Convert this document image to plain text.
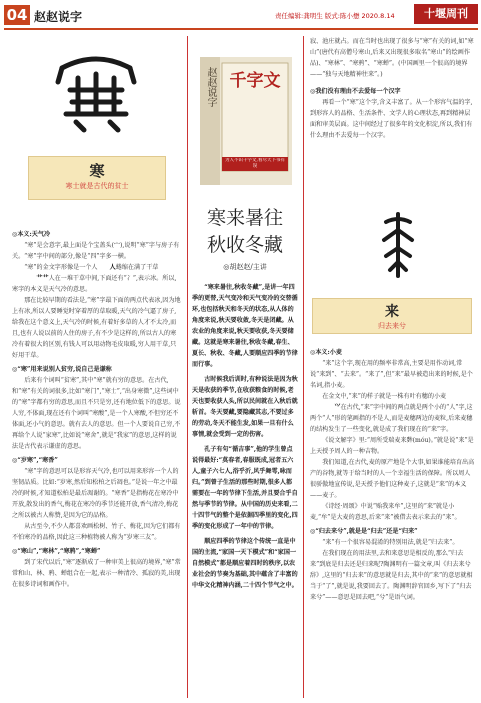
04 赵赵说字	责任编辑:龚明生 版式:陈小懋 2020.8.14	十堰周刊
寒
寒士就是古代的贫士

◎本义:天气冷

“寒”是会意字,最上面是个宝盖头(宀),说明“寒”字与房子有关。“寒”字中间的部分,像是“四”字多一横。

“寒”的金文字形像是一个人人蜷缩在满了干草

艹艹人在一堆干草中间,下面还有“冫”,表示冰。所以,寒字的本义是天气冷的意思。

那在比较早期的看法是,“寒”字最下面的两点代表冰,因为地上有冰,所以人要睡觉时穿着厚的草取暖,天气的冷气逼了房子,给我在这个意义上,天气冷的时候,有着好多草的人才不太冷,而且,也有人说以前的人住的房子,有不少是这样的,所以古人的寒冷有着很大的区别,有钱人可以用动物毛皮取暖,穷人用干草,只好用干草。

◎“寒”用来说别人贫穷,说自己是谦称

后来有个词叫“贫寒”,其中“寒”就有穷的意思。在古代,和“寒”有关的词很多,比如“寒门”,“寒士”,“出身寒微”,这些词中的“寒”字都有穷的意思,而且不只是穷,还有地位低下的意思。说人穷,不体面,现在还有个词叫“寒酸”,是一个人寒酸,不但穷还不体面,还小气的意思。就有去人的意思。但一个人要说自己穷,不再给个人说“家寒”,比如说“寒舍”,就是“我家”的意思,这样的说法是古代表示谦虚的意思。

◎“岁寒”,“寒香”

“寒”字的意思可以是形容天气冷,也可以用来形容一个人的坚韧品质。比如:“岁寒,然后知松柏之后凋也。”是说一年之中最冷的时候,才知道松柏是最后凋谢的。“寒香”是指梅花在寒冷中开放,散发出的香气,梅花在寒冷的季节还能开放,香气清冷,梅花之所以被古人称赞,是因为它的品格。

从古至今,不少人都喜欢画松树、竹子、梅花,因为它们都有不怕寒冷的品格,因此这三种植物被人称为“岁寒三友”。

◎“寒山”,“寒林”,“寒鸦”,“寒蝉”

到了宋代以后,“寒”逐渐成了一种审美上很高的境界,“寒”常常和山、林、鸦、蝉组合在一起,表示一种清冷、孤寂的美,出现在很多诗词和画作中。

赵赵说字 千字文
为人不识千字文,看尽天下书有误
寒来暑往
秋收冬藏
◎胡赵赵/主讲

“寒来暑往,秋收冬藏”,是讲一年四季的更替,天气变冷和天气变冷的交替循环,也包括秋天和冬天的状态,从人体的角度来说,秋天要收敛,冬天是闭藏。从农业的角度来说,秋天要收获,冬天要储藏。这就是寒来暑往,秋收冬藏,春生、夏长、秋收、冬藏,人要顺应四季的节律而行事。

古时候我后训时,有种说法是因为秋天是收获的季节,在收获粮食的时候,老天也要收获人头,所以民间就在入秋后就斩首。冬天要藏,要隐藏其志,不要过多的劳动,冬天不能生发,如果一旦有什么事情,就会受到一定的伤害。

孔子有句“循吉事”,他的学生曾点说得最好:“莫春者,春服既成,冠者五六人,童子六七人,浴乎沂,风乎舞雩,咏而归。”到曾子生活的那些时期,很多人都需要在一年的节律下生活,并且要合乎自然与季节的节律。从中国的历史来看,二十四节气的整个是依据四季里的变化,四季的变化形成了一年中的节律。

顺应四季的节律这个传统一直是中国的主流,“家国一天下模式”和“家国一自然模式”都是顺应着四时的秩序,以农业社会的节奏为基础,其中蕴含了丰富的中华文化精神内涵,二十四个节气之中。

寂、池庄就占。而在当时也出现了很多与“寒”有关的词,如“寒山”(唐代有高僧号寒山,后来又出现很多取名“寒山”的绘画作品)、“寒林”、“寒鸦”、“寒蝉”。(中国画里一个很高的境界——“独与天地精神往来”。)

◎我们没有理由不去爱每一个汉字

再看一个“寒”这个字,含义丰富了。从一个形容气温的字,到形容人的品格、生活条件、文学人的心理状态,再到精神层面和审美层面。这中间经过了很多年的文化积淀,所以,我们有什么理由不去爱每一个汉字。

来
归去来兮

◎本义:小麦

“来”这个字,现在用的频率非常高,主要是用作动词,常说“来到”、“去来”。“来了”,但“来”最早被造出来的时候,是个名词,指小麦。

在金文中,“来”的样子就是一株有叶有穗的小麦

⺍在古代,“来”字中间的两点就是两个小的“人”字,这两个“人”形的笔画指的不是人,而是麦穗两边的麦粒,后来麦穗的结构发生了一些变化,就是成了我们现在的“来”字。

《说文解字》里:“周所受瑞麦来麰(móu)。”就是说“来”是上天授予周人的一种吉物。

我们知道,在古代,麦的原产地是个大事,如果谁能培育出高产的谷物,就等于给当时的人一个幸福生活的保障。所以周人很骄傲地宣传说,是天授予他们这种麦子,这就是“来”的本义——麦子。

《诗经·周颂》中说“贻我来牟”,这里的“来”就是小麦,“牟”是大麦的意思,后来“来”被借去表示来去的“来”。

◎“归去来兮”,就是是“归去”还是“归来”

“来”有一个很容易混淆的特别用法,就是“归去来”。

在我们现在的用法里,去和来意思是相反的,那么“归去来”到底是归去还是归来呢?陶渊明有一篇文章,叫《归去来兮辞》,这里的“归去来”的意思就是归去,其中的“来”的意思就相当于“了”,就是说,我要回去了。陶渊明辞官回乡,写下了“归去来兮”——意思是回去吧,“兮”是语气词。
